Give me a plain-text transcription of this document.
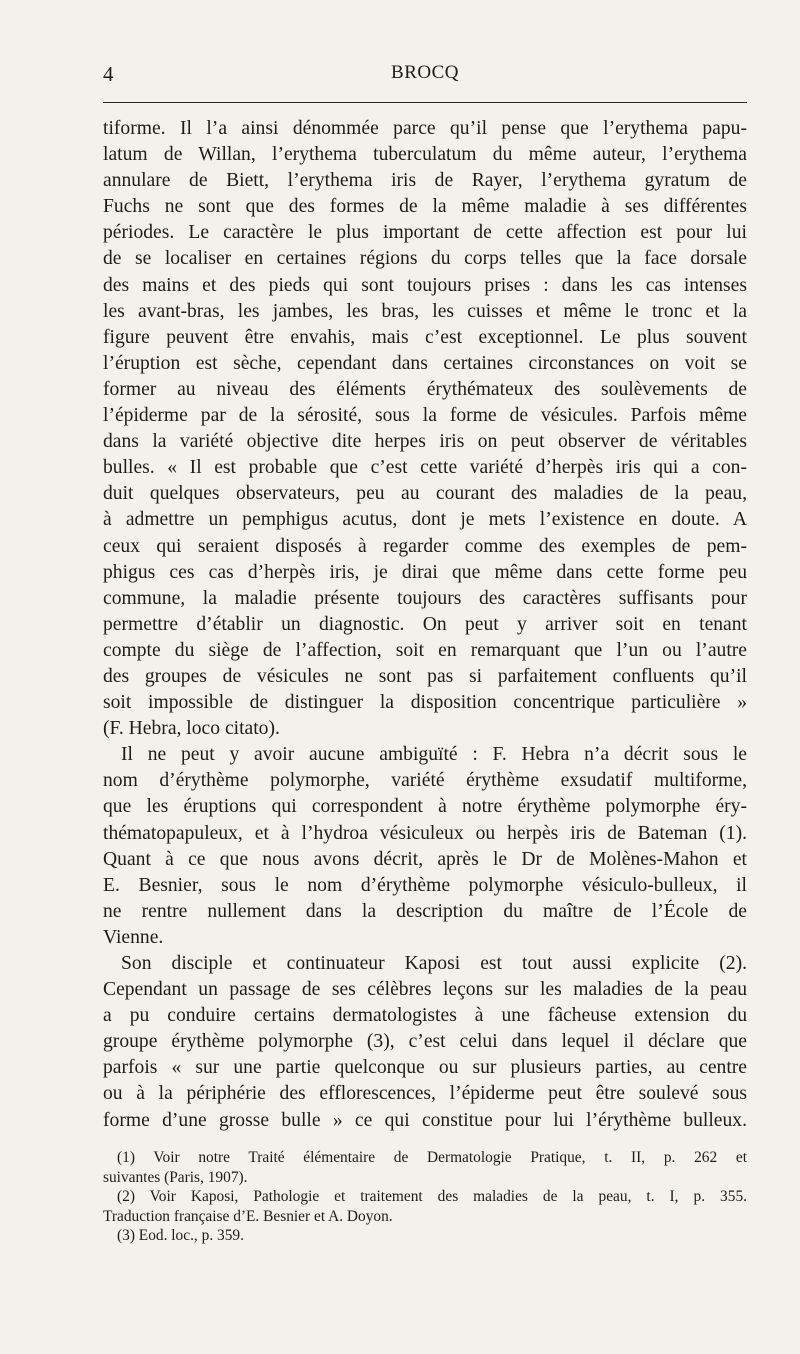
4	BROCQ
tiforme. Il l’a ainsi dénommée parce qu’il pense que l’erythema papu-
latum de Willan, l’erythema tuberculatum du même auteur, l’erythema
annulare de Biett, l’erythema iris de Rayer, l’erythema gyratum de
Fuchs ne sont que des formes de la même maladie à ses différentes
périodes. Le caractère le plus important de cette affection est pour lui
de se localiser en certaines régions du corps telles que la face dorsale
des mains et des pieds qui sont toujours prises : dans les cas intenses
les avant-bras, les jambes, les bras, les cuisses et même le tronc et la
figure peuvent être envahis, mais c’est exceptionnel. Le plus souvent
l’éruption est sèche, cependant dans certaines circonstances on voit se
former au niveau des éléments érythémateux des soulèvements de
l’épiderme par de la sérosité, sous la forme de vésicules. Parfois même
dans la variété objective dite herpes iris on peut observer de véritables
bulles. « Il est probable que c’est cette variété d’herpès iris qui a con-
duit quelques observateurs, peu au courant des maladies de la peau,
à admettre un pemphigus acutus, dont je mets l’existence en doute. A
ceux qui seraient disposés à regarder comme des exemples de pem-
phigus ces cas d’herpès iris, je dirai que même dans cette forme peu
commune, la maladie présente toujours des caractères suffisants pour
permettre d’établir un diagnostic. On peut y arriver soit en tenant
compte du siège de l’affection, soit en remarquant que l’un ou l’autre
des groupes de vésicules ne sont pas si parfaitement confluents qu’il
soit impossible de distinguer la disposition concentrique particulière »
(F. Hebra, loco citato).
Il ne peut y avoir aucune ambiguïté : F. Hebra n’a décrit sous le
nom d’érythème polymorphe, variété érythème exsudatif multiforme,
que les éruptions qui correspondent à notre érythème polymorphe éry-
thématopapuleux, et à l’hydroa vésiculeux ou herpès iris de Bateman (1).
Quant à ce que nous avons décrit, après le Dr de Molènes-Mahon et
E. Besnier, sous le nom d’érythème polymorphe vésiculo-bulleux, il
ne rentre nullement dans la description du maître de l’École de
Vienne.
Son disciple et continuateur Kaposi est tout aussi explicite (2).
Cependant un passage de ses célèbres leçons sur les maladies de la peau
a pu conduire certains dermatologistes à une fâcheuse extension du
groupe érythème polymorphe (3), c’est celui dans lequel il déclare que
parfois « sur une partie quelconque ou sur plusieurs parties, au centre
ou à la périphérie des efflorescences, l’épiderme peut être soulevé sous
forme d’une grosse bulle » ce qui constitue pour lui l’érythème bulleux.
(1) Voir notre Traité élémentaire de Dermatologie Pratique, t. II, p. 262 et
suivantes (Paris, 1907).
(2) Voir Kaposi, Pathologie et traitement des maladies de la peau, t. I, p. 355.
Traduction française d’E. Besnier et A. Doyon.
(3) Eod. loc., p. 359.
